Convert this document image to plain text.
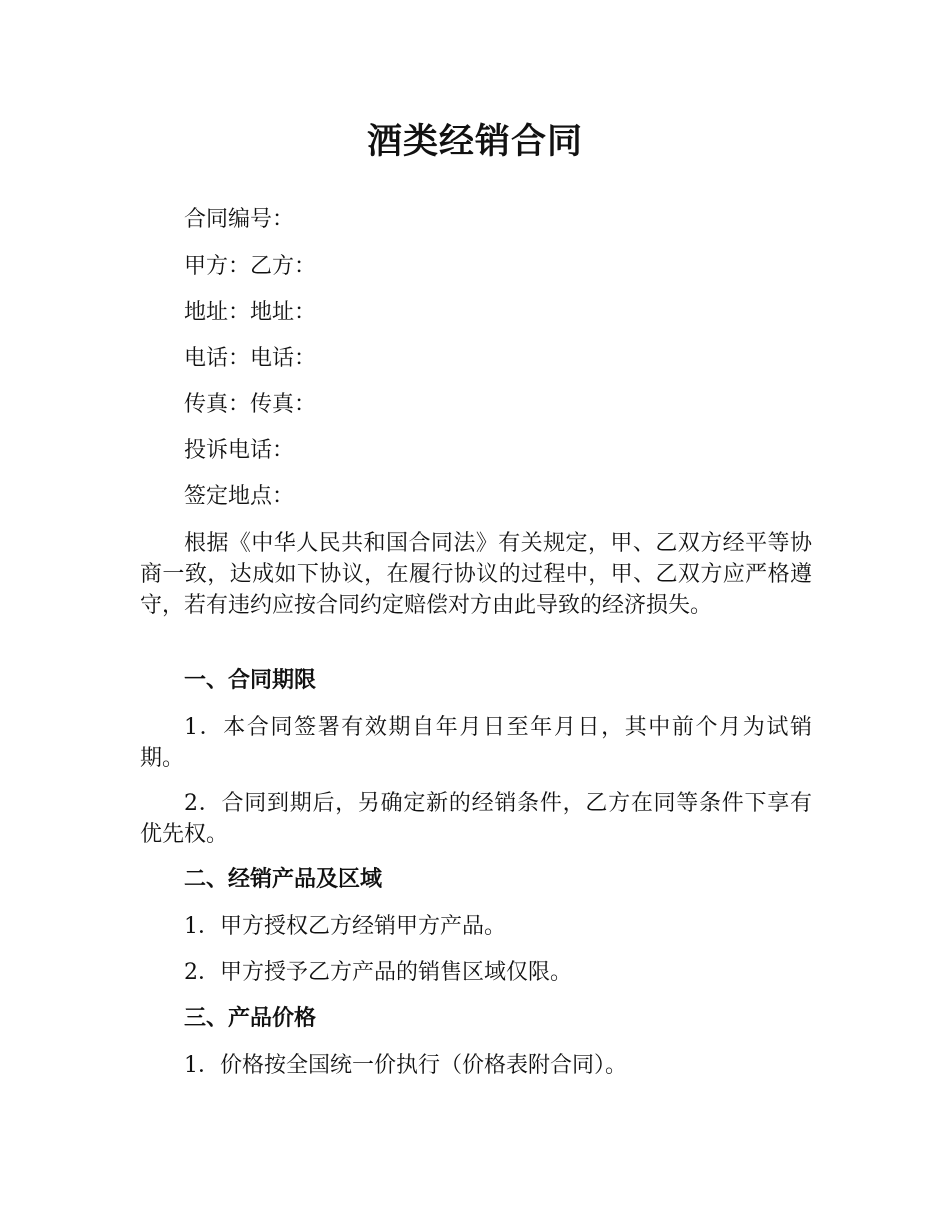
酒类经销合同

合同编号：

甲方：乙方：

地址：地址：

电话：电话：

传真：传真：

投诉电话：

签定地点：

根据《中华人民共和国合同法》有关规定，甲、乙双方经平等协商一致，达成如下协议，在履行协议的过程中，甲、乙双方应严格遵守，若有违约应按合同约定赔偿对方由此导致的经济损失。

一、合同期限

1．本合同签署有效期自年月日至年月日，其中前个月为试销期。

2．合同到期后，另确定新的经销条件，乙方在同等条件下享有优先权。

二、经销产品及区域

1．甲方授权乙方经销甲方产品。

2．甲方授予乙方产品的销售区域仅限。

三、产品价格

1．价格按全国统一价执行（价格表附合同）。
